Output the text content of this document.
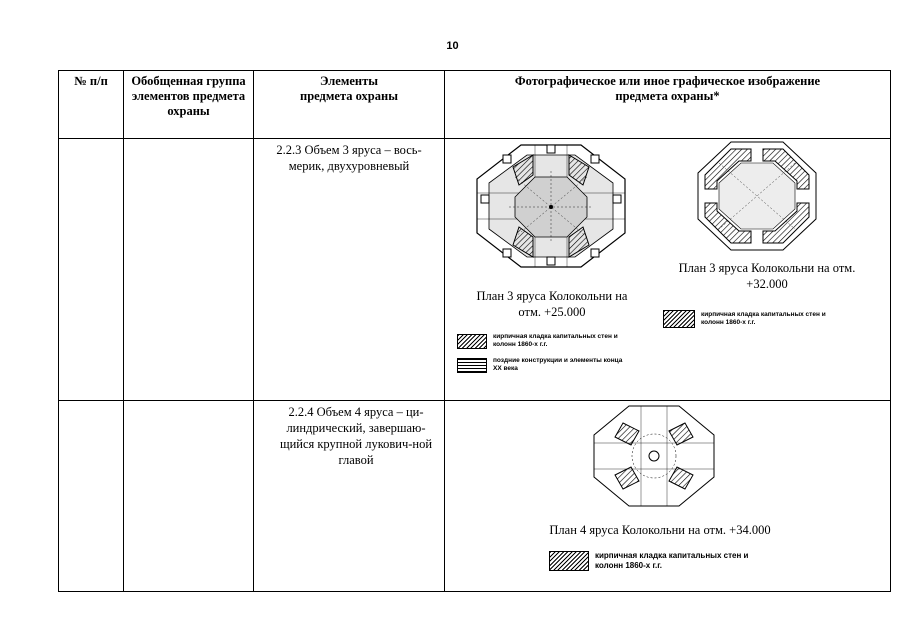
10
№ п/п	Обобщенная группа элементов предмета охраны	Элементы предмета охраны	Фотографическое или иное графическое изображение предмета охраны*

		2.2.3 Объем 3 яруса – вось-мерик, двухуровневый	План 3 яруса Колокольни на отм. +25.000
кирпичная кладка капитальных стен и колонн 1860-х г.г.
поздние конструкции и элементы конца XX века
План 3 яруса Колокольни на отм. +32.000
кирпичная кладка капитальных стен и колонн 1860-х г.г.

		2.2.4 Объем 4 яруса – ци-линдрический, завершаю-щийся крупной лукович-ной главой	План 4 яруса Колокольни на отм. +34.000
кирпичная кладка капитальных стен и колонн 1860-х г.г.
